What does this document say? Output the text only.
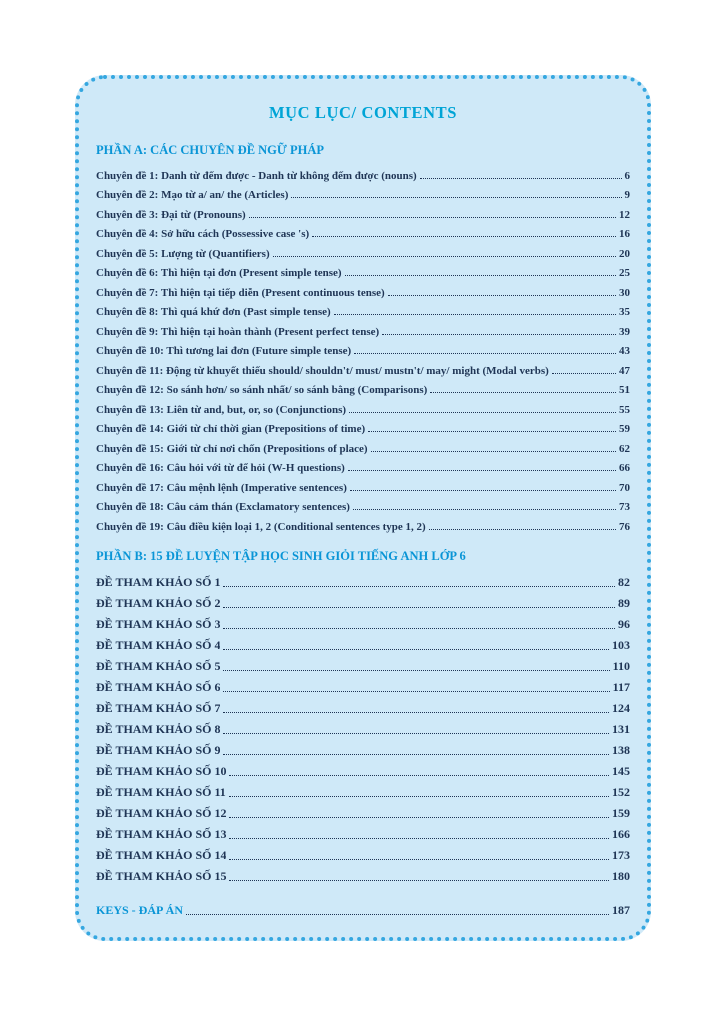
MỤC LỤC/ CONTENTS
PHẦN A: CÁC CHUYÊN ĐỀ NGỮ PHÁP
Chuyên đề 1: Danh từ đếm được - Danh từ không đếm được (nouns)	6
Chuyên đề 2: Mạo từ a/ an/ the (Articles)	9
Chuyên đề 3: Đại từ (Pronouns)	12
Chuyên đề 4: Sở hữu cách (Possessive case 's)	16
Chuyên đề 5: Lượng từ (Quantifiers)	20
Chuyên đề 6: Thì hiện tại đơn (Present simple tense)	25
Chuyên đề 7: Thì hiện tại tiếp diễn (Present continuous tense)	30
Chuyên đề 8: Thì quá khứ đơn (Past simple tense)	35
Chuyên đề 9: Thì hiện tại hoàn thành (Present perfect tense)	39
Chuyên đề 10: Thì tương lai đơn (Future simple tense)	43
Chuyên đề 11: Động từ khuyết thiếu should/ shouldn't/ must/ mustn't/ may/ might (Modal verbs)	47
Chuyên đề 12: So sánh hơn/ so sánh nhất/ so sánh bằng (Comparisons)	51
Chuyên đề 13: Liên từ and, but, or, so (Conjunctions)	55
Chuyên đề 14: Giới từ chỉ thời gian (Prepositions of time)	59
Chuyên đề 15: Giới từ chỉ nơi chốn (Prepositions of place)	62
Chuyên đề 16: Câu hỏi với từ để hỏi (W-H questions)	66
Chuyên đề 17: Câu mệnh lệnh (Imperative sentences)	70
Chuyên đề 18: Câu cảm thán (Exclamatory sentences)	73
Chuyên đề 19: Câu điều kiện loại 1, 2 (Conditional sentences type 1, 2)	76
PHẦN B: 15 ĐỀ LUYỆN TẬP HỌC SINH GIỎI TIẾNG ANH LỚP 6
ĐỀ THAM KHẢO SỐ 1	82
ĐỀ THAM KHẢO SỐ 2	89
ĐỀ THAM KHẢO SỐ 3	96
ĐỀ THAM KHẢO SỐ 4	103
ĐỀ THAM KHẢO SỐ 5	110
ĐỀ THAM KHẢO SỐ 6	117
ĐỀ THAM KHẢO SỐ 7	124
ĐỀ THAM KHẢO SỐ 8	131
ĐỀ THAM KHẢO SỐ 9	138
ĐỀ THAM KHẢO SỐ 10	145
ĐỀ THAM KHẢO SỐ 11	152
ĐỀ THAM KHẢO SỐ 12	159
ĐỀ THAM KHẢO SỐ 13	166
ĐỀ THAM KHẢO SỐ 14	173
ĐỀ THAM KHẢO SỐ 15	180
KEYS - ĐÁP ÁN	187
